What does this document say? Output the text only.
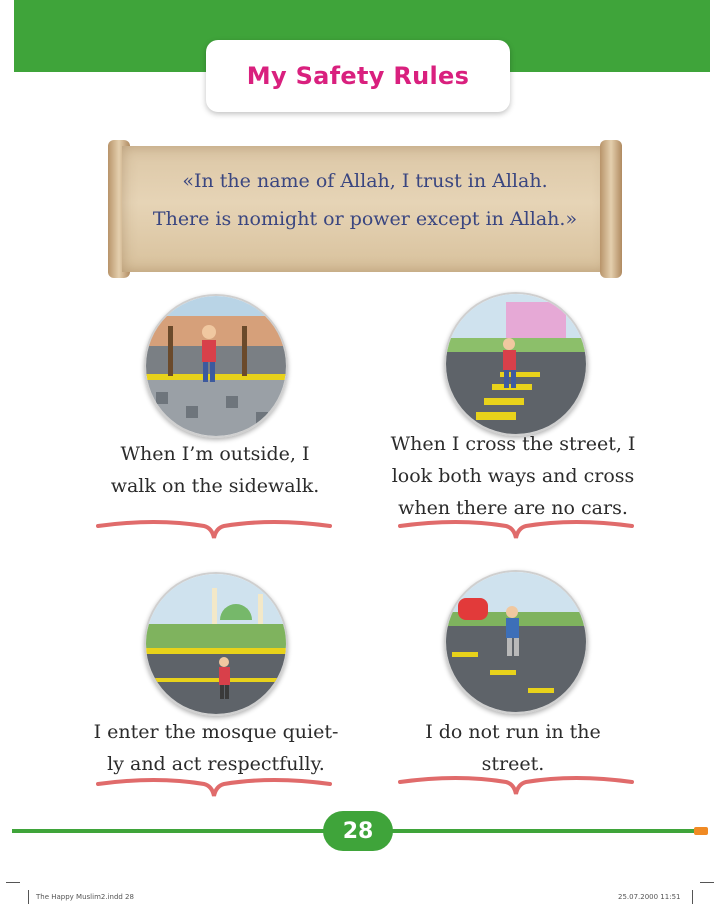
My Safety Rules
«In the name of Allah, I trust in Allah.
There is nomight or power except in Allah.»
When I’m outside, I
walk on the sidewalk.
When I cross the street, I
look both ways and cross
when there are no cars.
I enter the mosque quiet-
ly and act respectfully.
I do not run in the
street.
28
The Happy Muslim2.indd 28	25.07.2000 11:51
